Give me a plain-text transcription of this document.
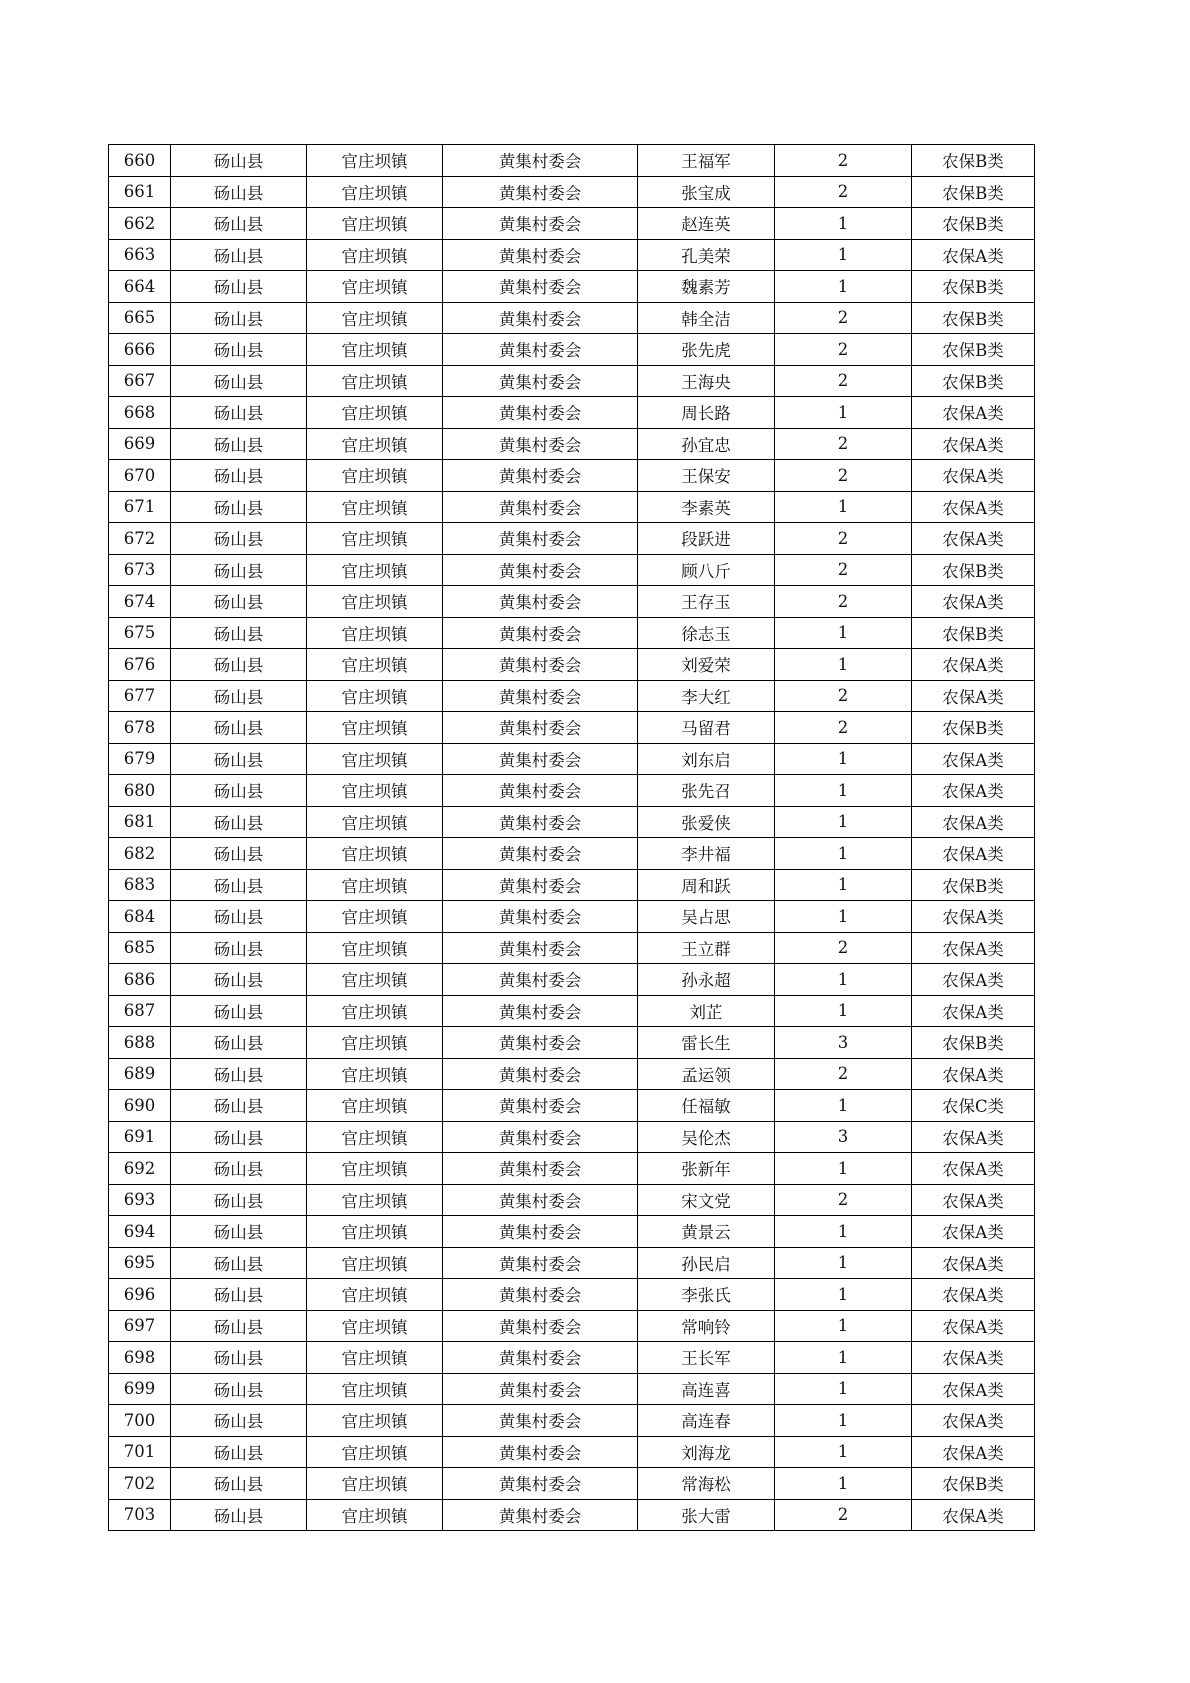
660	砀山县	官庄坝镇	黄集村委会	王福军	2	农保B类
661	砀山县	官庄坝镇	黄集村委会	张宝成	2	农保B类
662	砀山县	官庄坝镇	黄集村委会	赵连英	1	农保B类
663	砀山县	官庄坝镇	黄集村委会	孔美荣	1	农保A类
664	砀山县	官庄坝镇	黄集村委会	魏素芳	1	农保B类
665	砀山县	官庄坝镇	黄集村委会	韩全洁	2	农保B类
666	砀山县	官庄坝镇	黄集村委会	张先虎	2	农保B类
667	砀山县	官庄坝镇	黄集村委会	王海央	2	农保B类
668	砀山县	官庄坝镇	黄集村委会	周长路	1	农保A类
669	砀山县	官庄坝镇	黄集村委会	孙宜忠	2	农保A类
670	砀山县	官庄坝镇	黄集村委会	王保安	2	农保A类
671	砀山县	官庄坝镇	黄集村委会	李素英	1	农保A类
672	砀山县	官庄坝镇	黄集村委会	段跃进	2	农保A类
673	砀山县	官庄坝镇	黄集村委会	顾八斤	2	农保B类
674	砀山县	官庄坝镇	黄集村委会	王存玉	2	农保A类
675	砀山县	官庄坝镇	黄集村委会	徐志玉	1	农保B类
676	砀山县	官庄坝镇	黄集村委会	刘爱荣	1	农保A类
677	砀山县	官庄坝镇	黄集村委会	李大红	2	农保A类
678	砀山县	官庄坝镇	黄集村委会	马留君	2	农保B类
679	砀山县	官庄坝镇	黄集村委会	刘东启	1	农保A类
680	砀山县	官庄坝镇	黄集村委会	张先召	1	农保A类
681	砀山县	官庄坝镇	黄集村委会	张爱侠	1	农保A类
682	砀山县	官庄坝镇	黄集村委会	李井福	1	农保A类
683	砀山县	官庄坝镇	黄集村委会	周和跃	1	农保B类
684	砀山县	官庄坝镇	黄集村委会	吴占思	1	农保A类
685	砀山县	官庄坝镇	黄集村委会	王立群	2	农保A类
686	砀山县	官庄坝镇	黄集村委会	孙永超	1	农保A类
687	砀山县	官庄坝镇	黄集村委会	刘芷	1	农保A类
688	砀山县	官庄坝镇	黄集村委会	雷长生	3	农保B类
689	砀山县	官庄坝镇	黄集村委会	孟运领	2	农保A类
690	砀山县	官庄坝镇	黄集村委会	任福敏	1	农保C类
691	砀山县	官庄坝镇	黄集村委会	吴伦杰	3	农保A类
692	砀山县	官庄坝镇	黄集村委会	张新年	1	农保A类
693	砀山县	官庄坝镇	黄集村委会	宋文党	2	农保A类
694	砀山县	官庄坝镇	黄集村委会	黄景云	1	农保A类
695	砀山县	官庄坝镇	黄集村委会	孙民启	1	农保A类
696	砀山县	官庄坝镇	黄集村委会	李张氏	1	农保A类
697	砀山县	官庄坝镇	黄集村委会	常响铃	1	农保A类
698	砀山县	官庄坝镇	黄集村委会	王长军	1	农保A类
699	砀山县	官庄坝镇	黄集村委会	高连喜	1	农保A类
700	砀山县	官庄坝镇	黄集村委会	高连春	1	农保A类
701	砀山县	官庄坝镇	黄集村委会	刘海龙	1	农保A类
702	砀山县	官庄坝镇	黄集村委会	常海松	1	农保B类
703	砀山县	官庄坝镇	黄集村委会	张大雷	2	农保A类
